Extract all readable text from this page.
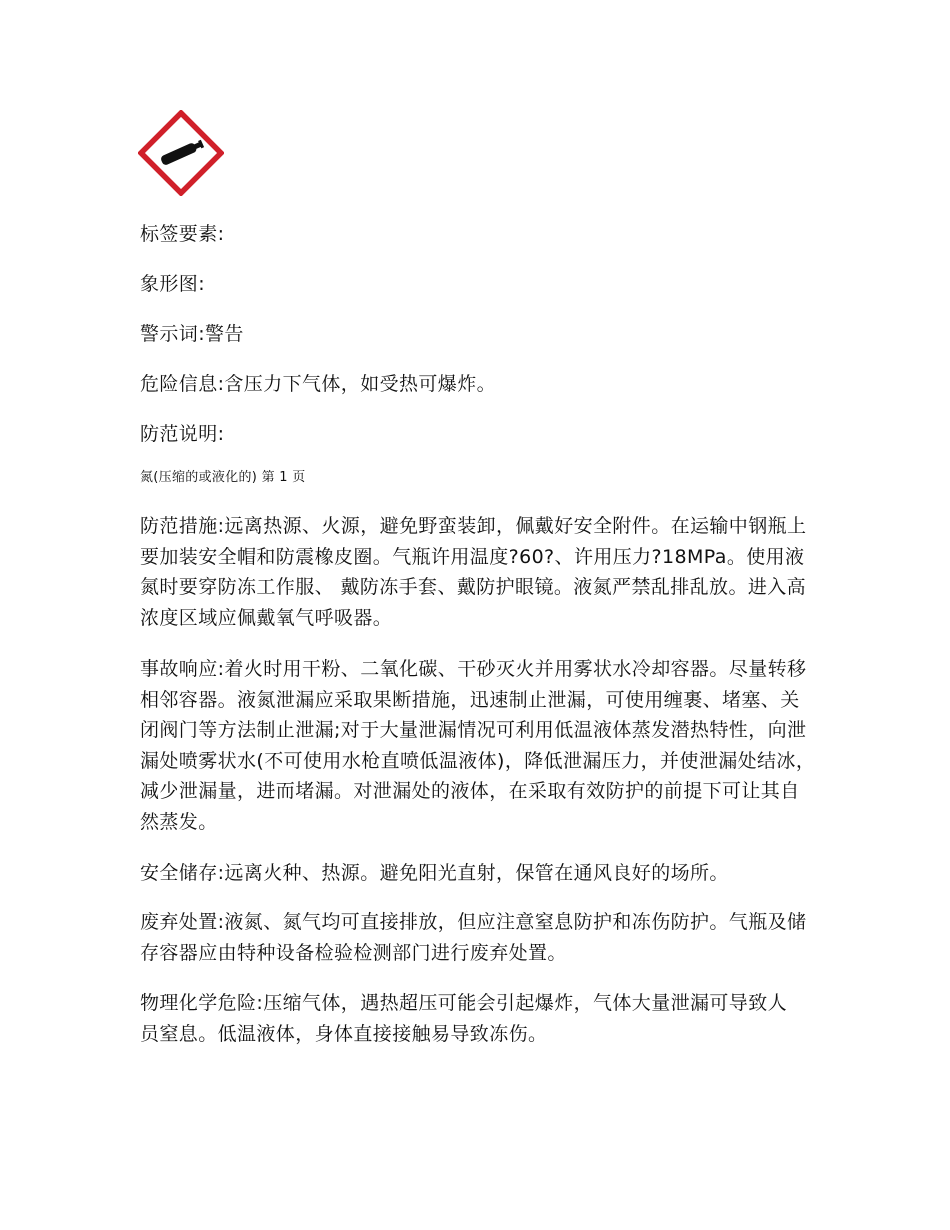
标签要素:
象形图:
警示词:警告
危险信息:含压力下气体，如受热可爆炸。
防范说明:
氮(压缩的或液化的) 第 1 页
防范措施:远离热源、火源，避免野蛮装卸，佩戴好安全附件。在运输中钢瓶上
要加装安全帽和防震橡皮圈。气瓶许用温度?60?、许用压力?18MPa。使用液
氮时要穿防冻工作服、 戴防冻手套、戴防护眼镜。液氮严禁乱排乱放。进入高
浓度区域应佩戴氧气呼吸器。
事故响应:着火时用干粉、二氧化碳、干砂灭火并用雾状水冷却容器。尽量转移
相邻容器。液氮泄漏应采取果断措施，迅速制止泄漏，可使用缠裹、堵塞、关
闭阀门等方法制止泄漏;对于大量泄漏情况可利用低温液体蒸发潜热特性，向泄
漏处喷雾状水(不可使用水枪直喷低温液体)，降低泄漏压力，并使泄漏处结冰，
减少泄漏量，进而堵漏。对泄漏处的液体，在采取有效防护的前提下可让其自
然蒸发。
安全储存:远离火种、热源。避免阳光直射，保管在通风良好的场所。
废弃处置:液氮、氮气均可直接排放，但应注意窒息防护和冻伤防护。气瓶及储
存容器应由特种设备检验检测部门进行废弃处置。
物理化学危险:压缩气体，遇热超压可能会引起爆炸，气体大量泄漏可导致人
员窒息。低温液体，身体直接接触易导致冻伤。
